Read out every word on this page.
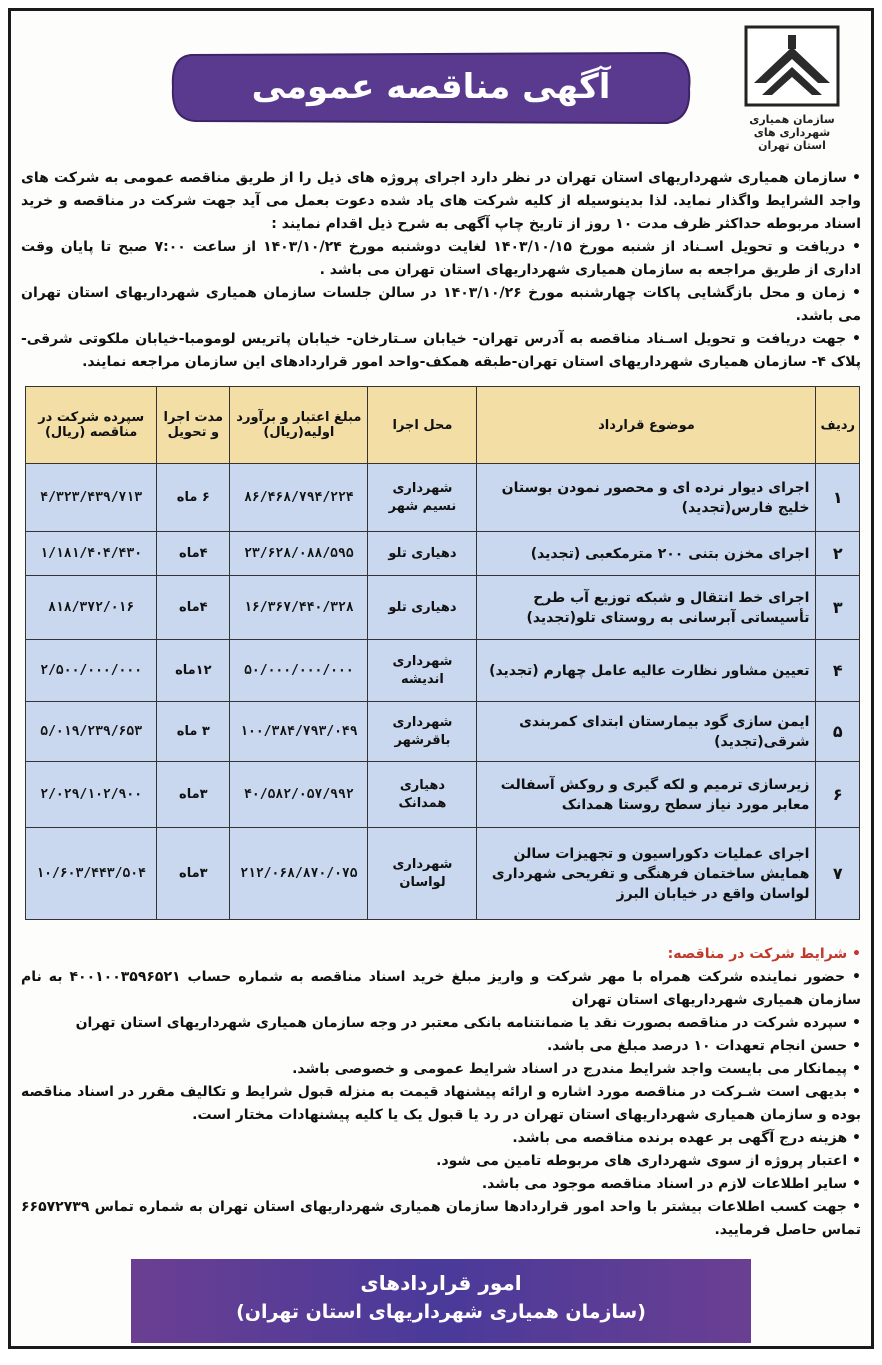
آگهی مناقصه عمومی
سازمان همیاری شهرداری های
استان تهران

• سازمان همیاری شهرداریهای استان تهران در نظر دارد اجرای پروژه های ذیل را از طریق مناقصه عمومی به شرکت های واجد الشرایط واگذار نماید. لذا بدینوسیله از کلیه شرکت های یاد شده دعوت بعمل می آید جهت شرکت در مناقصه و خرید اسناد مربوطه حداکثر ظرف مدت ۱۰ روز از تاریخ چاپ آگهی به شرح ذیل اقدام نمایند :

• دریافت و تحویل اسـناد از شنبه مورخ ۱۴۰۳/۱۰/۱۵ لغایت دوشنبه مورخ ۱۴۰۳/۱۰/۲۴ از ساعت ۷:۰۰ صبح تا پایان وقت اداری از طریق مراجعه به سازمان همیاری شهرداریهای استان تهران می باشد .

• زمان و محل بازگشایی پاکات چهارشنبه مورخ ۱۴۰۳/۱۰/۲۶ در سالن جلسات سازمان همیاری شهرداریهای استان تهران می باشد.

• جهت دریافت و تحویل اسـناد مناقصه به آدرس تهران- خیابان سـتارخان- خیابان پاتریس لومومبا-خیابان ملکوتی شرقی-پلاک ۴- سازمان همیاری شهرداریهای استان تهران-طبقه همکف-واحد امور قراردادهای این سازمان مراجعه نمایند.

ردیف	موضوع قرارداد	محل اجرا	مبلغ اعتبار و برآورد اولیه(ریال)	مدت اجرا و تحویل	سپرده شرکت در مناقصه (ریال)
۱	اجرای دیوار نرده ای و محصور نمودن بوستان خلیج فارس(تجدید)	شهرداری نسیم شهر	۸۶/۴۶۸/۷۹۴/۲۲۴	۶ ماه	۴/۳۲۳/۴۳۹/۷۱۳
۲	اجرای مخزن بتنی ۲۰۰ مترمکعبی (تجدید)	دهیاری تلو	۲۳/۶۲۸/۰۸۸/۵۹۵	۴ماه	۱/۱۸۱/۴۰۴/۴۳۰
۳	اجرای خط انتقال و شبکه توزیع آب طرح تأسیساتی آبرسانی به روستای تلو(تجدید)	دهیاری تلو	۱۶/۳۶۷/۴۴۰/۳۲۸	۴ماه	۸۱۸/۳۷۲/۰۱۶
۴	تعیین مشاور نظارت عالیه عامل چهارم (تجدید)	شهرداری اندیشه	۵۰/۰۰۰/۰۰۰/۰۰۰	۱۲ماه	۲/۵۰۰/۰۰۰/۰۰۰
۵	ایمن سازی گود بیمارستان ابتدای کمربندی شرقی(تجدید)	شهرداری باقرشهر	۱۰۰/۳۸۴/۷۹۳/۰۴۹	۳ ماه	۵/۰۱۹/۲۳۹/۶۵۳
۶	زیرسازی ترمیم و لکه گیری و روکش آسفالت معابر مورد نیاز سطح روستا همدانک	دهیاری همدانک	۴۰/۵۸۲/۰۵۷/۹۹۲	۳ماه	۲/۰۲۹/۱۰۲/۹۰۰
۷	اجرای عملیات دکوراسیون و تجهیزات سالن همایش ساختمان فرهنگی و تفریحی شهرداری لواسان واقع در خیابان البرز	شهرداری لواسان	۲۱۲/۰۶۸/۸۷۰/۰۷۵	۳ماه	۱۰/۶۰۳/۴۴۳/۵۰۴

• شرایط شرکت در مناقصه:

• حضور نماینده شرکت همراه با مهر شرکت و واریز مبلغ خرید اسناد مناقصه به شماره حساب ۴۰۰۱۰۰۳۵۹۶۵۲۱ به نام سازمان همیاری شهرداریهای استان تهران

• سپرده شرکت در مناقصه بصورت نقد یا ضمانتنامه بانکی معتبر در وجه سازمان همیاری شهرداریهای استان تهران

• حسن انجام تعهدات ۱۰ درصد مبلغ می باشد.

• پیمانکار می بایست واجد شرایط مندرج در اسناد شرایط عمومی و خصوصی باشد.

• بدیهی است شـرکت در مناقصه مورد اشاره و ارائه پیشنهاد قیمت به منزله قبول شرایط و تکالیف مقرر در اسناد مناقصه بوده و سازمان همیاری شهرداریهای استان تهران در رد یا قبول یک یا کلیه پیشنهادات مختار است.

• هزینه درج آگهی بر عهده برنده مناقصه می باشد.

• اعتبار پروژه از سوی شهرداری های مربوطه تامین می شود.

• سایر اطلاعات لازم در اسناد مناقصه موجود می باشد.

• جهت کسب اطلاعات بیشتر با واحد امور قراردادها سازمان همیاری شهرداریهای استان تهران به شماره تماس ۶۶۵۷۲۷۳۹ تماس حاصل فرمایید.

امور قراردادهای
(سازمان همیاری شهرداریهای استان تهران)
